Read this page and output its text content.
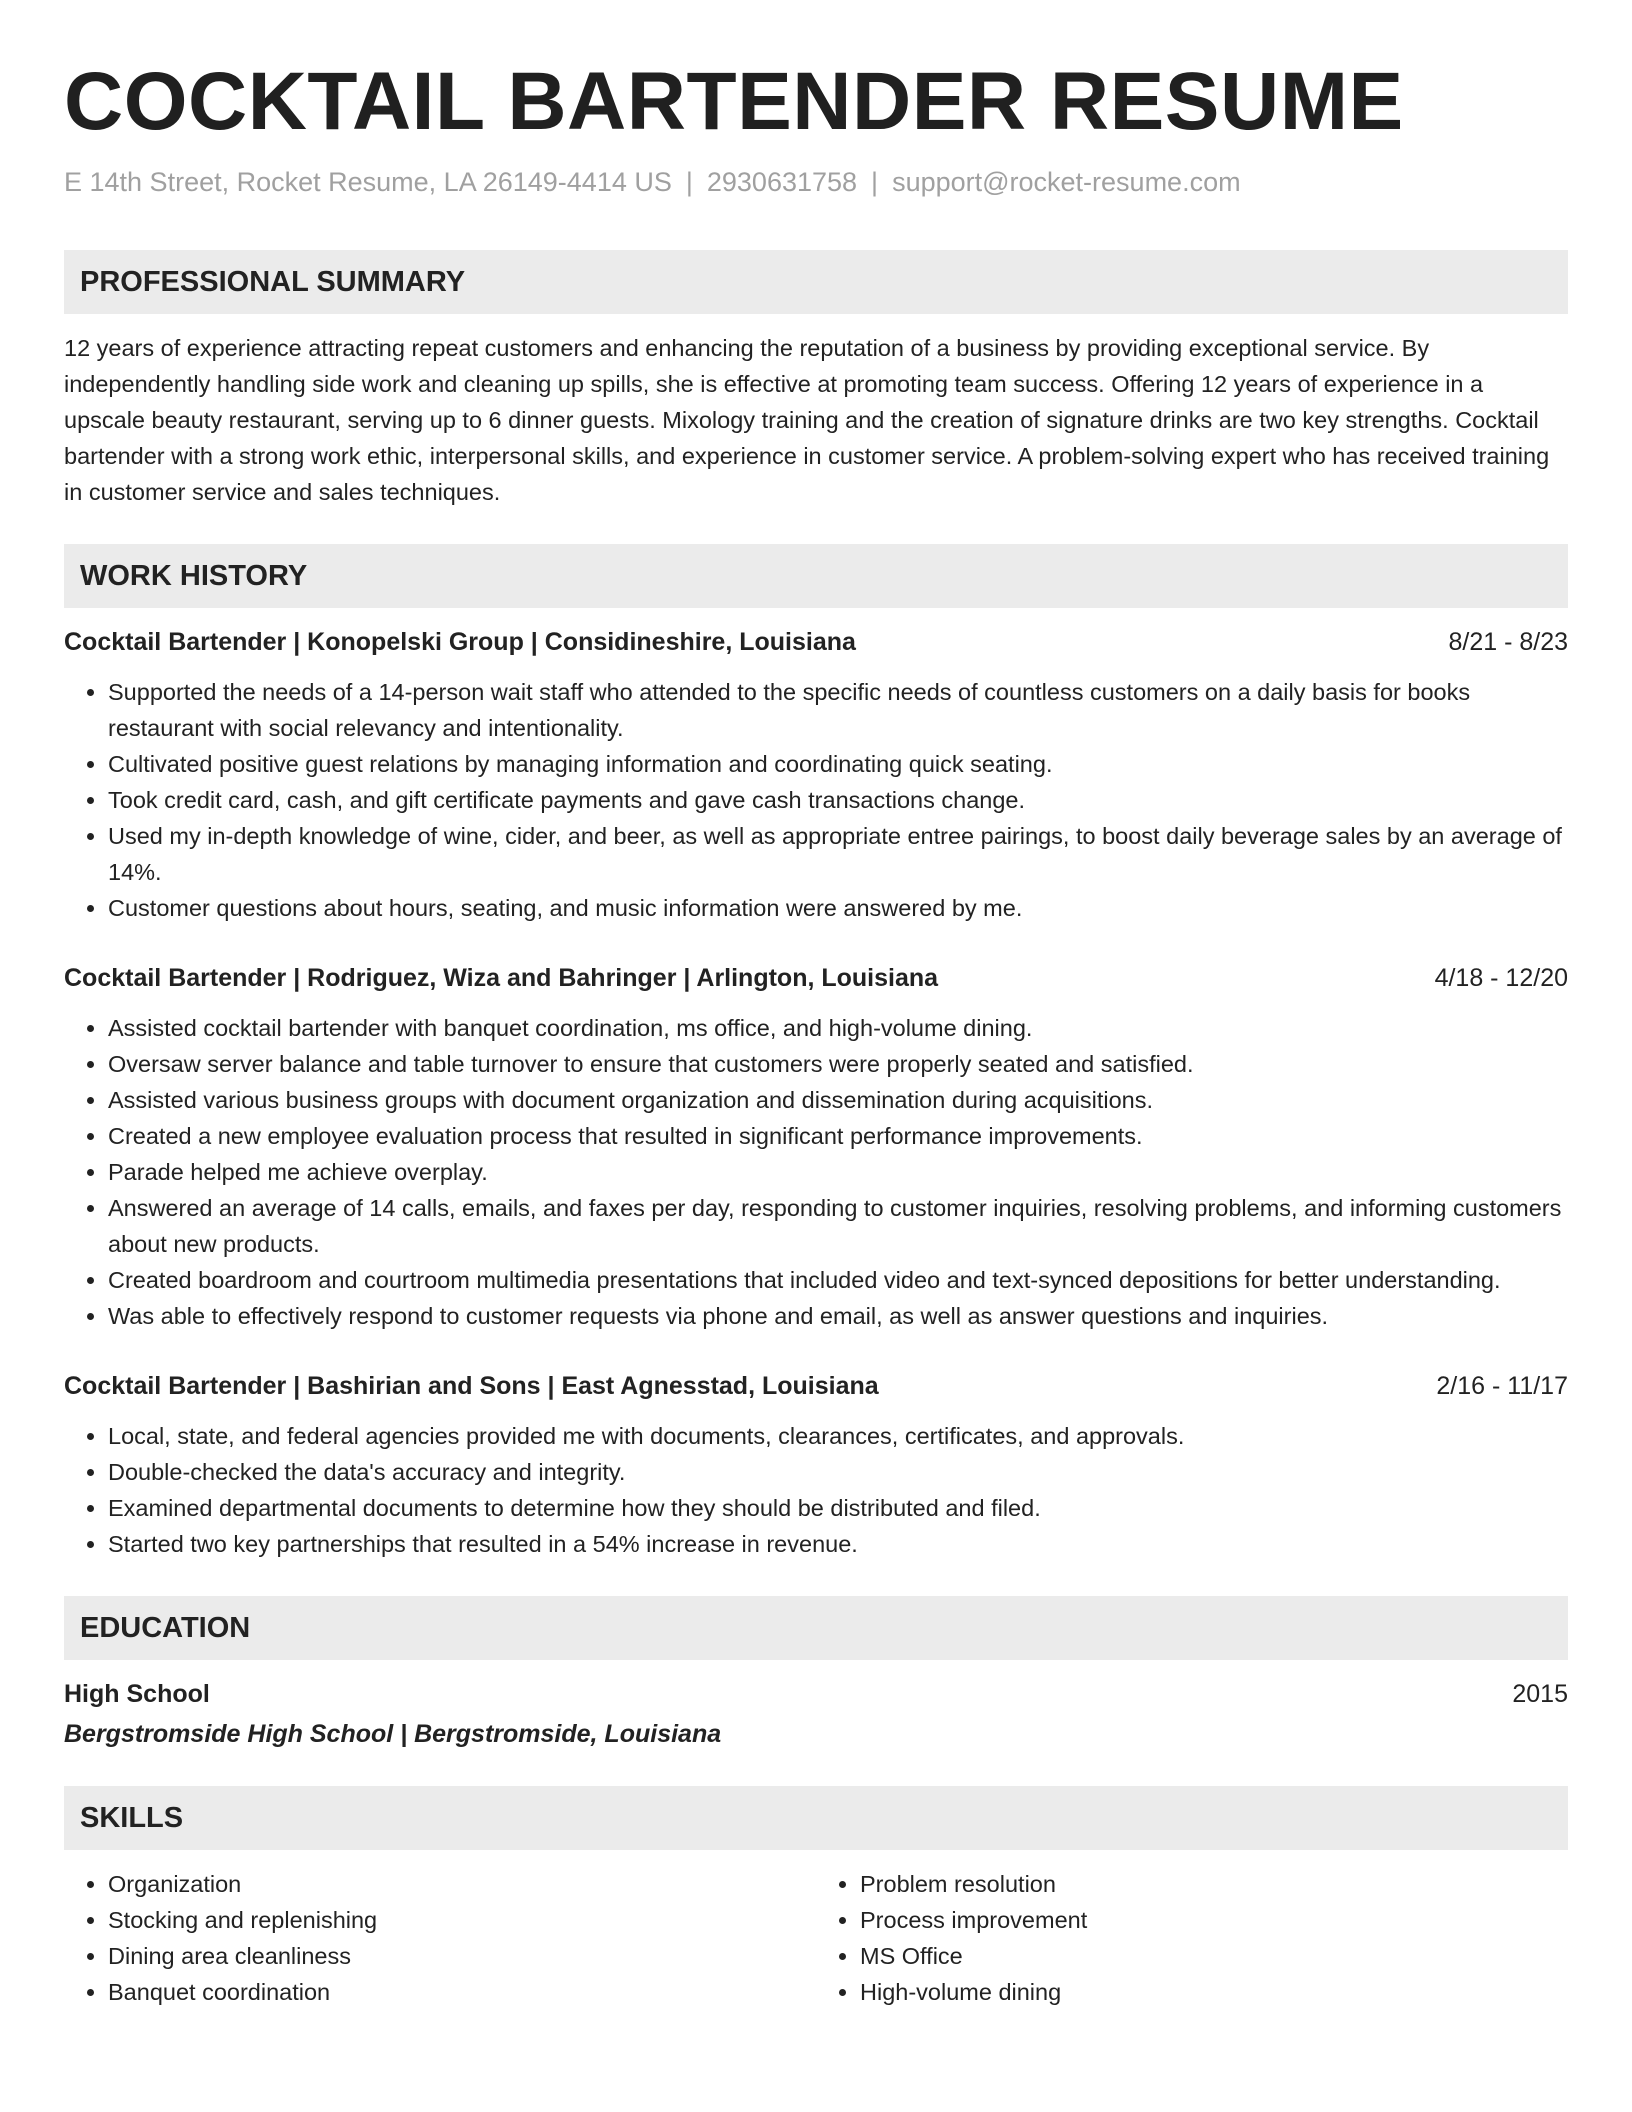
COCKTAIL BARTENDER RESUME
E 14th Street, Rocket Resume, LA 26149-4414 US | 2930631758 | support@rocket-resume.com
PROFESSIONAL SUMMARY

12 years of experience attracting repeat customers and enhancing the reputation of a business by providing exceptional service. By independently handling side work and cleaning up spills, she is effective at promoting team success. Offering 12 years of experience in a upscale beauty restaurant, serving up to 6 dinner guests. Mixology training and the creation of signature drinks are two key strengths. Cocktail bartender with a strong work ethic, interpersonal skills, and experience in customer service. A problem-solving expert who has received training in customer service and sales techniques.

WORK HISTORY
Cocktail Bartender | Konopelski Group | Considineshire, Louisiana	8/21 - 8/23
• Supported the needs of a 14-person wait staff who attended to the specific needs of countless customers on a daily basis for books restaurant with social relevancy and intentionality.
• Cultivated positive guest relations by managing information and coordinating quick seating.
• Took credit card, cash, and gift certificate payments and gave cash transactions change.
• Used my in-depth knowledge of wine, cider, and beer, as well as appropriate entree pairings, to boost daily beverage sales by an average of 14%.
• Customer questions about hours, seating, and music information were answered by me.
Cocktail Bartender | Rodriguez, Wiza and Bahringer | Arlington, Louisiana	4/18 - 12/20
• Assisted cocktail bartender with banquet coordination, ms office, and high-volume dining.
• Oversaw server balance and table turnover to ensure that customers were properly seated and satisfied.
• Assisted various business groups with document organization and dissemination during acquisitions.
• Created a new employee evaluation process that resulted in significant performance improvements.
• Parade helped me achieve overplay.
• Answered an average of 14 calls, emails, and faxes per day, responding to customer inquiries, resolving problems, and informing customers about new products.
• Created boardroom and courtroom multimedia presentations that included video and text-synced depositions for better understanding.
• Was able to effectively respond to customer requests via phone and email, as well as answer questions and inquiries.
Cocktail Bartender | Bashirian and Sons | East Agnesstad, Louisiana	2/16 - 11/17
• Local, state, and federal agencies provided me with documents, clearances, certificates, and approvals.
• Double-checked the data's accuracy and integrity.
• Examined departmental documents to determine how they should be distributed and filed.
• Started two key partnerships that resulted in a 54% increase in revenue.
EDUCATION
High School	2015
Bergstromside High School | Bergstromside, Louisiana
SKILLS
• Organization
• Stocking and replenishing
• Dining area cleanliness
• Banquet coordination
• Problem resolution
• Process improvement
• MS Office
• High-volume dining
